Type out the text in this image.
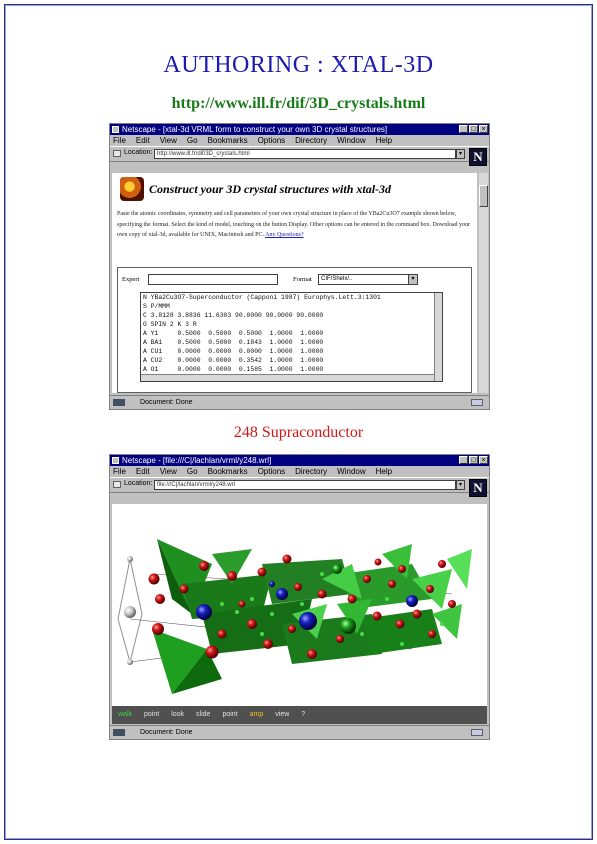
AUTHORING : XTAL-3D
http://www.ill.fr/dif/3D_crystals.html
Netscape - [xtal-3d VRML form to construct your own 3D crystal structures]	_ □ ×
File Edit View Go Bookmarks Options Directory Window Help
Location: http://www.ill.fr/dif/3D_crystals.html	▾ N
Construct your 3D crystal structures with xtal-3d
Paste the atomic coordinates, symmetry and cell parameters of your own crystal structure in place of the YBa2Cu3O7 example shown below, specifying the format. Select the kind of model, touching on the button Display. Other options can be entered in the command box. Download your own copy of xtal-3d, available for UNIX, Macintosh and PC. Any Questions?
Expert	Format	CIF/Shelx/..	▾
N YBa2Cu3O7-Superconductor (Capponi 1987) Europhys.Lett.3:1301
S P/MMM
C 3.8128 3.8836 11.6303 90.0000 90.0000 90.0000
G SPIN 2 K 3 R
A Y1     0.5000  0.5000  0.5000  1.0000  1.0000
A BA1    0.5000  0.5000  0.1843  1.0000  1.0000
A CU1    0.0000  0.0000  0.0000  1.0000  1.0000
A CU2    0.0000  0.0000  0.3542  1.0000  1.0000
A O1     0.0000  0.0000  0.1585  1.0000  1.0000
Document: Done
248 Supraconductor
Netscape - [file:///C|/lachlan/vrml/y248.wrl]	_ □ ×
File Edit View Go Bookmarks Options Directory Window Help
Location: file:///C|/lachlan/vrml/y248.wrl	▾ N
walk point look slide point amp view ?
Document: Done
